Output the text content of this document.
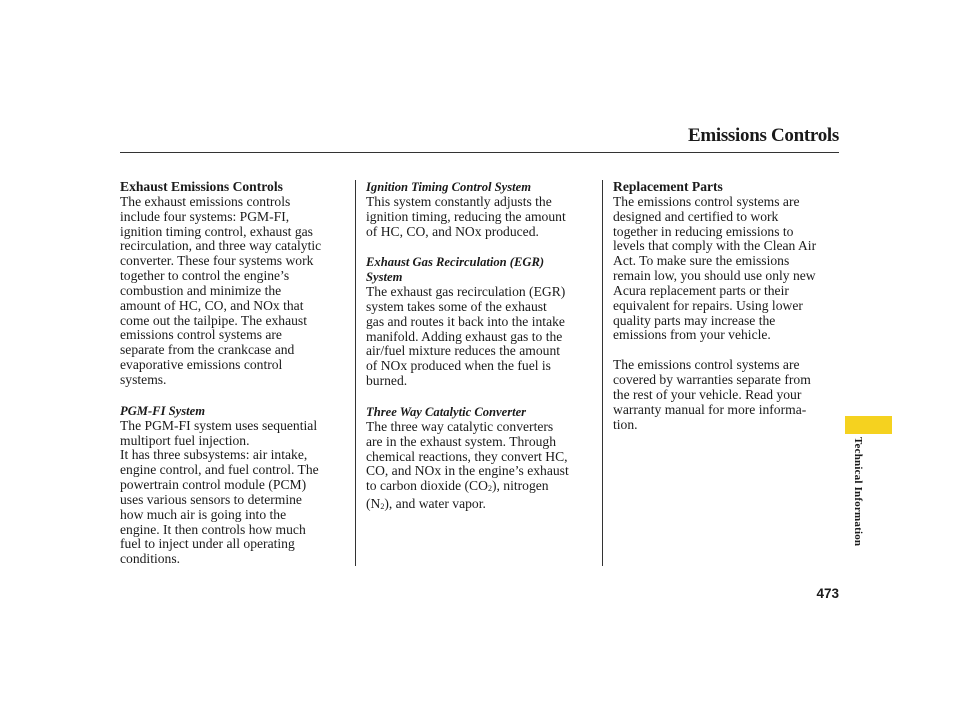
Emissions Controls
Exhaust Emissions Controls
The exhaust emissions controls
include four systems: PGM-FI,
ignition timing control, exhaust gas
recirculation, and three way catalytic
converter. These four systems work
together to control the engine’s
combustion and minimize the
amount of HC, CO, and NOx that
come out the tailpipe. The exhaust
emissions control systems are
separate from the crankcase and
evaporative emissions control
systems.
PGM-FI System
The PGM-FI system uses sequential
multiport fuel injection.
It has three subsystems: air intake,
engine control, and fuel control. The
powertrain control module (PCM)
uses various sensors to determine
how much air is going into the
engine. It then controls how much
fuel to inject under all operating
conditions.
Ignition Timing Control System
This system constantly adjusts the
ignition timing, reducing the amount
of HC, CO, and NOx produced.
Exhaust Gas Recirculation (EGR)
System
The exhaust gas recirculation (EGR)
system takes some of the exhaust
gas and routes it back into the intake
manifold. Adding exhaust gas to the
air/fuel mixture reduces the amount
of NOx produced when the fuel is
burned.
Three Way Catalytic Converter
The three way catalytic converters
are in the exhaust system. Through
chemical reactions, they convert HC,
CO, and NOx in the engine’s exhaust
to carbon dioxide $(CO_2)$, nitrogen
$(N_2)$, and water vapor.
Replacement Parts
The emissions control systems are
designed and certified to work
together in reducing emissions to
levels that comply with the Clean Air
Act. To make sure the emissions
remain low, you should use only new
Acura replacement parts or their
equivalent for repairs. Using lower
quality parts may increase the
emissions from your vehicle.
The emissions control systems are
covered by warranties separate from
the rest of your vehicle. Read your
warranty manual for more informa-
tion.
Technical Information
473
